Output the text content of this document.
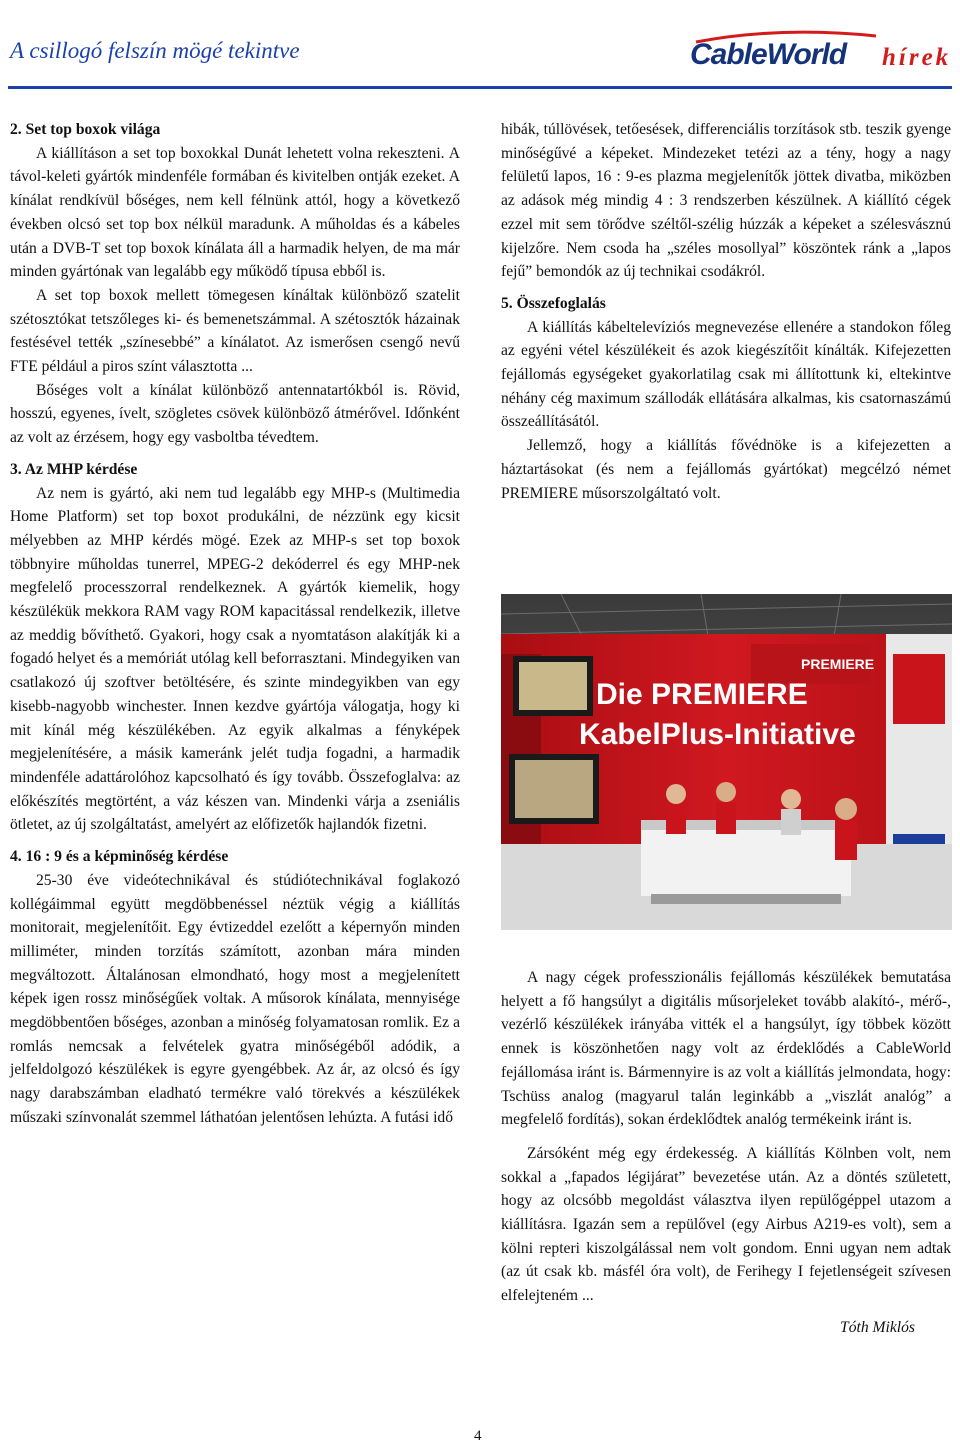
A csillogó felszín mögé tekintve	CableWorld hírek
2. Set top boxok világa

A kiállításon a set top boxokkal Dunát lehetett volna rekeszteni. A távol-keleti gyártók mindenféle formában és kivitelben ontják ezeket. A kínálat rendkívül bőséges, nem kell félnünk attól, hogy a következő években olcsó set top box nélkül maradunk. A műholdas és a kábeles után a DVB-T set top boxok kínálata áll a harmadik helyen, de ma már minden gyártónak van legalább egy működő típusa ebből is.

A set top boxok mellett tömegesen kínáltak különböző szatelit szétosztókat tetszőleges ki- és bemenetszámmal. A szétosztók házainak festésével tették „színesebbé” a kínálatot. Az ismerősen csengő nevű FTE például a piros színt választotta ...

Bőséges volt a kínálat különböző antennatartókból is. Rövid, hosszú, egyenes, ívelt, szögletes csövek különböző átmérővel. Időnként az volt az érzésem, hogy egy vasboltba tévedtem.

3. Az MHP kérdése

Az nem is gyártó, aki nem tud legalább egy MHP-s (Multimedia Home Platform) set top boxot produkálni, de nézzünk egy kicsit mélyebben az MHP kérdés mögé. Ezek az MHP-s set top boxok többnyire műholdas tunerrel, MPEG-2 dekóderrel és egy MHP-nek megfelelő processzorral rendelkeznek. A gyártók kiemelik, hogy készülékük mekkora RAM vagy ROM kapacitással rendelkezik, illetve az meddig bővíthető. Gyakori, hogy csak a nyomtatáson alakítják ki a fogadó helyet és a memóriát utólag kell beforrasztani. Mindegyiken van csatlakozó új szoftver betöltésére, és szinte mindegyikben van egy kisebb-nagyobb winchester. Innen kezdve gyártója válogatja, hogy ki mit kínál még készülékében. Az egyik alkalmas a fényképek megjelenítésére, a másik kameránk jelét tudja fogadni, a harmadik mindenféle adattárolóhoz kapcsolható és így tovább. Összefoglalva: az előkészítés megtörtént, a váz készen van. Mindenki várja a zseniális ötletet, az új szolgáltatást, amelyért az előfizetők hajlandók fizetni.

4. 16 : 9 és a képminőség kérdése

25-30 éve videótechnikával és stúdiótechnikával foglakozó kollégáimmal együtt megdöbbenéssel néztük végig a kiállítás monitorait, megjelenítőit. Egy évtizeddel ezelőtt a képernyőn minden milliméter, minden torzítás számított, azonban mára minden megváltozott. Általánosan elmondható, hogy most a megjelenített képek igen rossz minőségűek voltak. A műsorok kínálata, mennyisége megdöbbentően bőséges, azonban a minőség folyamatosan romlik. Ez a romlás nemcsak a felvételek gyatra minőségéből adódik, a jelfeldolgozó készülékek is egyre gyengébbek. Az ár, az olcsó és így nagy darabszámban eladható termékre való törekvés a készülékek műszaki színvonalát szemmel láthatóan jelentősen lehúzta. A futási idő

hibák, túllövések, tetőesések, differenciális torzítások stb. teszik gyenge minőségűvé a képeket. Mindezeket tetézi az a tény, hogy a nagy felületű lapos, 16 : 9-es plazma megjelenítők jöttek divatba, miközben az adások még mindig 4 : 3 rendszerben készülnek. A kiállító cégek ezzel mit sem törődve széltől-szélig húzzák a képeket a szélesvásznú kijelzőre. Nem csoda ha „széles mosollyal” köszöntek ránk a „lapos fejű” bemondók az új technikai csodákról.

5. Összefoglalás

A kiállítás kábeltelevíziós megnevezése ellenére a standokon főleg az egyéni vétel készülékeit és azok kiegészítőit kínálták. Kifejezetten fejállomás egységeket gyakorlatilag csak mi állítottunk ki, eltekintve néhány cég maximum szállodák ellátására alkalmas, kis csatornaszámú összeállításától.

Jellemző, hogy a kiállítás fővédnöke is a kifejezetten a háztartásokat (és nem a fejállomás gyártókat) megcélzó német PREMIERE műsorszolgáltató volt.

PREMIERE
Die PREMIERE
KabelPlus-Initiative

A nagy cégek professzionális fejállomás készülékek bemutatása helyett a fő hangsúlyt a digitális műsorjeleket tovább alakító-, mérő-, vezérlő készülékek irányába vitték el a hangsúlyt, így többek között ennek is köszönhetően nagy volt az érdeklődés a CableWorld fejállomása iránt is. Bármennyire is az volt a kiállítás jelmondata, hogy: Tschüss analog (magyarul talán leginkább a „viszlát analóg” a megfelelő fordítás), sokan érdeklődtek analóg termékeink iránt is.

Zársóként még egy érdekesség. A kiállítás Kölnben volt, nem sokkal a „fapados légijárat” bevezetése után. Az a döntés született, hogy az olcsóbb megoldást választva ilyen repülőgéppel utazom a kiállításra. Igazán sem a repülővel (egy Airbus A219-es volt), sem a kölni repteri kiszolgálással nem volt gondom. Enni ugyan nem adtak (az út csak kb. másfél óra volt), de Ferihegy I fejetlenségeit szívesen elfelejteném ...

Tóth Miklós
4
